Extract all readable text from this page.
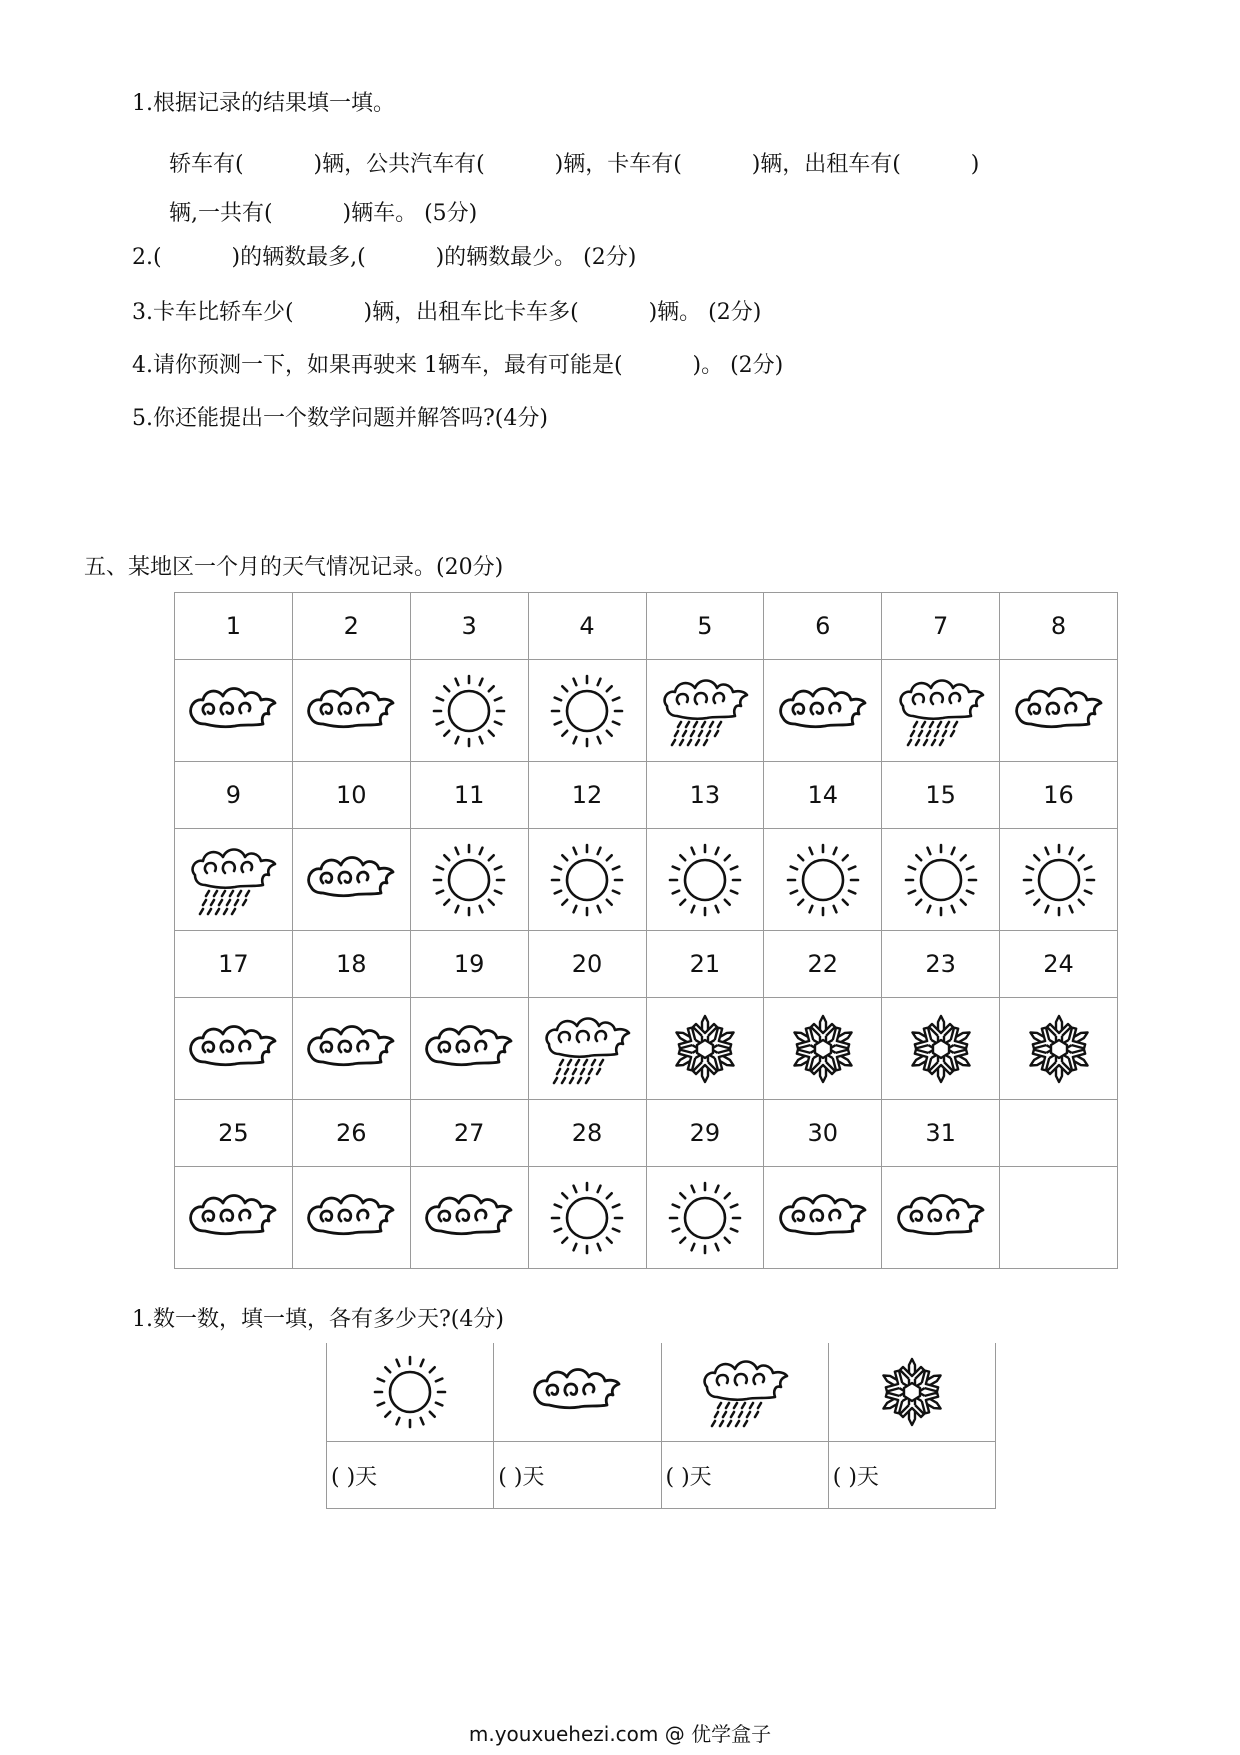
1.根据记录的结果填一填。
轿车有(          )辆，公共汽车有(          )辆，卡车有(          )辆，出租车有(          )
辆,一共有(          )辆车。 (5分)
2.(          )的辆数最多,(          )的辆数最少。 (2分)
3.卡车比轿车少(          )辆，出租车比卡车多(          )辆。 (2分)
4.请你预测一下，如果再驶来 1辆车，最有可能是(          )。 (2分)
5.你还能提出一个数学问题并解答吗?(4分)
五、某地区一个月的天气情况记录。(20分)
1	2	3	4	5	6	7	8

9	10	11	12	13	14	15	16

17	18	19	20	21	22	23	24

25	26	27	28	29	30	31	

1.数一数，填一填，各有多少天?(4分)

( )天	( )天	( )天	( )天
m.youxuehezi.com @ 优学盒子
